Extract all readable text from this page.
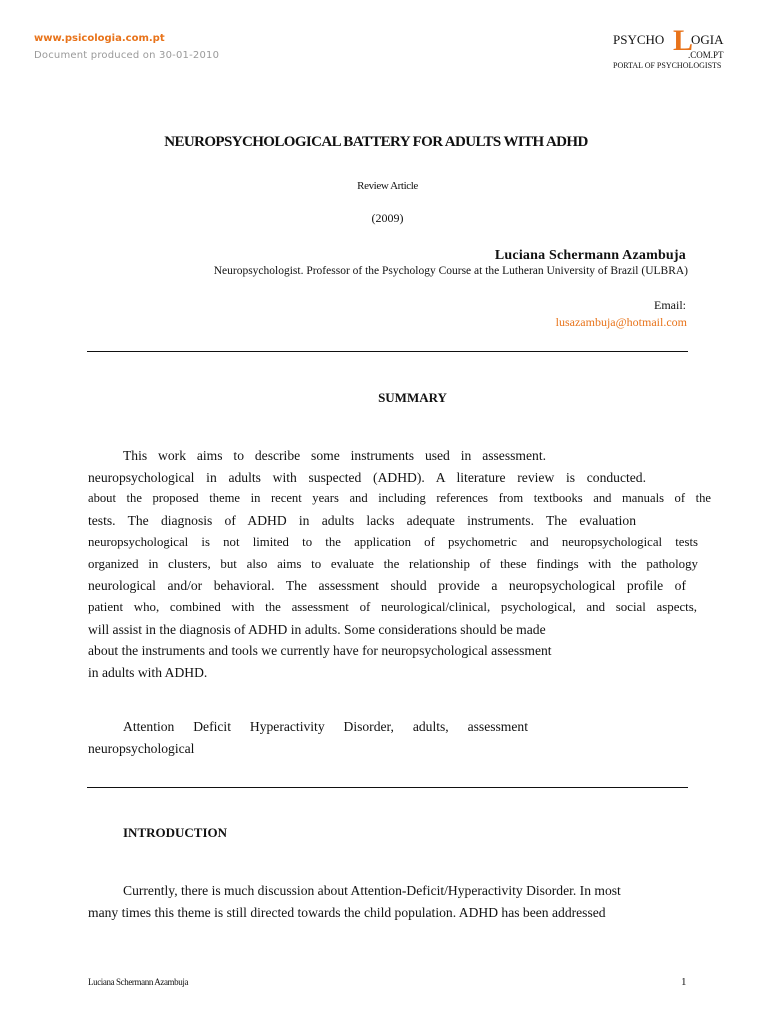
www.psicologia.com.pt
Document produced on 30-01-2010
PSYCHO L
OGIA
.COM.PT
PORTAL OF PSYCHOLOGISTS
NEUROPSYCHOLOGICAL BATTERY FOR ADULTS WITH ADHD
Review Article
(2009)
Luciana Schermann Azambuja
Neuropsychologist. Professor of the Psychology Course at the Lutheran University of Brazil (ULBRA)
Email:
lusazambuja@hotmail.com
SUMMARY
This work aims to describe some instruments used in assessment.
neuropsychological in adults with suspected (ADHD). A literature review is conducted.
about the proposed theme in recent years and including references from textbooks and manuals of the
tests. The diagnosis of ADHD in adults lacks adequate instruments. The evaluation
neuropsychological is not limited to the application of psychometric and neuropsychological tests
organized in clusters, but also aims to evaluate the relationship of these findings with the pathology
neurological and/or behavioral. The assessment should provide a neuropsychological profile of
patient who, combined with the assessment of neurological/clinical, psychological, and social aspects,
will assist in the diagnosis of ADHD in adults. Some considerations should be made
about the instruments and tools we currently have for neuropsychological assessment
in adults with ADHD.
Attention Deficit Hyperactivity Disorder, adults, assessment
neuropsychological
INTRODUCTION
Currently, there is much discussion about Attention-Deficit/Hyperactivity Disorder. In most
many times this theme is still directed towards the child population. ADHD has been addressed
Luciana Schermann Azambuja	1
